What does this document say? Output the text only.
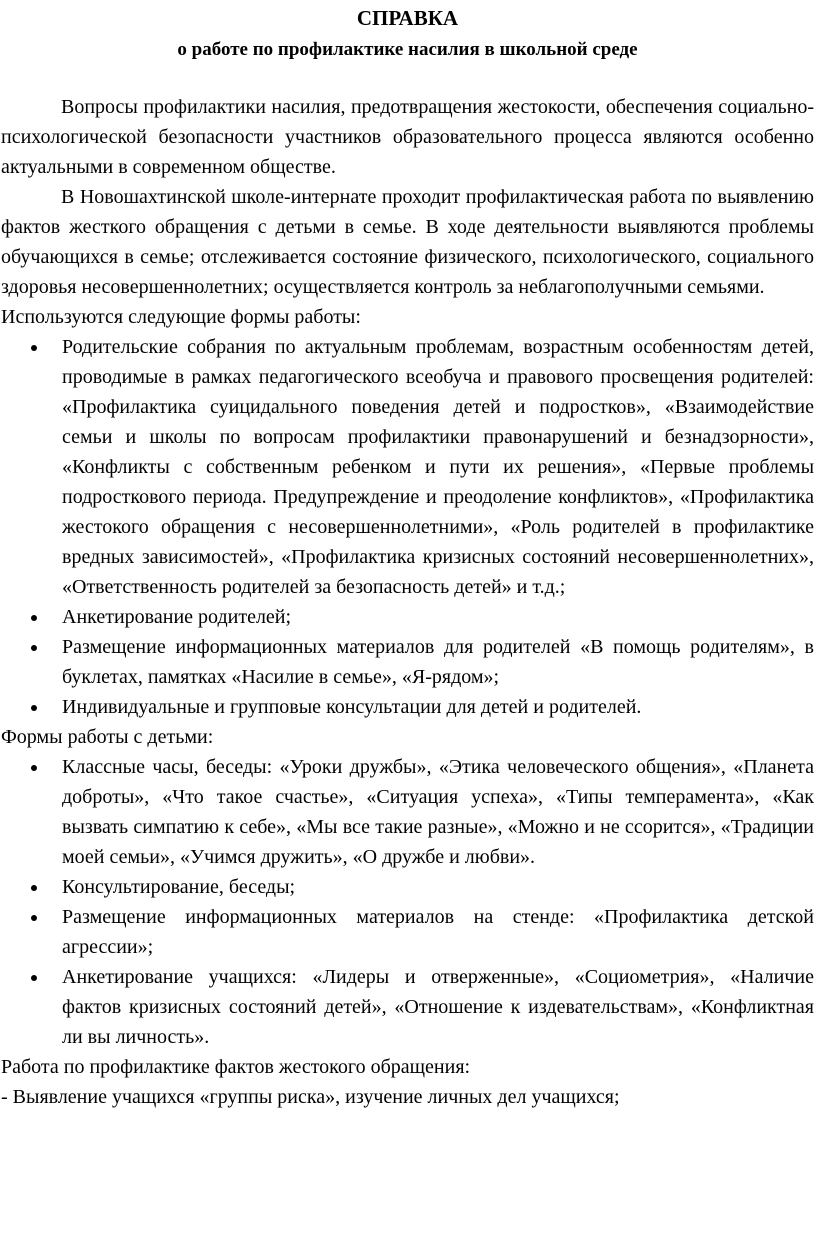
СПРАВКА
о работе по профилактике насилия в школьной среде

Вопросы профилактики насилия, предотвращения жестокости, обеспечения социально-психологической безопасности участников образовательного процесса являются особенно актуальными в современном обществе.

В Новошахтинской школе-интернате проходит профилактическая работа по выявлению фактов жесткого обращения с детьми в семье. В ходе деятельности выявляются проблемы обучающихся в семье; отслеживается состояние физического, психологического, социального здоровья несовершеннолетних; осуществляется контроль за неблагополучными семьями.

Используются следующие формы работы:

Родительские собрания по актуальным проблемам, возрастным особенностям детей, проводимые в рамках педагогического всеобуча и правового просвещения родителей: «Профилактика суицидального поведения детей и подростков», «Взаимодействие семьи и школы по вопросам профилактики правонарушений и безнадзорности», «Конфликты с собственным ребенком и пути их решения», «Первые проблемы подросткового периода. Предупреждение и преодоление конфликтов», «Профилактика жестокого обращения с несовершеннолетними», «Роль родителей в профилактике вредных зависимостей», «Профилактика кризисных состояний несовершеннолетних», «Ответственность родителей за безопасность детей» и т.д.;
Анкетирование родителей;
Размещение информационных материалов для родителей «В помощь родителям», в буклетах, памятках «Насилие в семье», «Я-рядом»;
Индивидуальные и групповые консультации для детей и родителей.

Формы работы с детьми:

Классные часы, беседы: «Уроки дружбы», «Этика человеческого общения», «Планета доброты», «Что такое счастье», «Ситуация успеха», «Типы темперамента», «Как вызвать симпатию к себе», «Мы все такие разные», «Можно и не ссорится», «Традиции моей семьи», «Учимся дружить», «О дружбе и любви».
Консультирование, беседы;
Размещение информационных материалов на стенде: «Профилактика детской агрессии»;
Анкетирование учащихся: «Лидеры и отверженные», «Социометрия», «Наличие фактов кризисных состояний детей», «Отношение к издевательствам», «Конфликтная ли вы личность».

Работа по профилактике фактов жестокого обращения:

- Выявление учащихся «группы риска», изучение личных дел учащихся;
